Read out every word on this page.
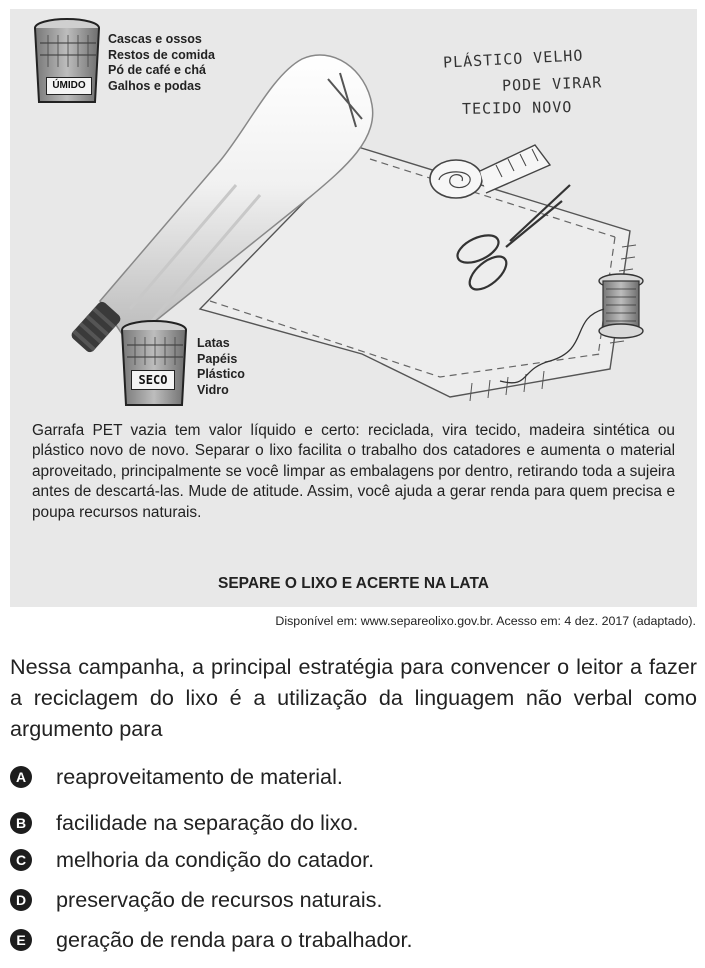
ÚMIDO
SECO
Cascas e ossos
Restos de comida
Pó de café e chá
Galhos e podas
Latas
Papéis
Plástico
Vidro
PLÁSTICO VELHO
PODE VIRAR
TECIDO NOVO
Garrafa PET vazia tem valor líquido e certo: reciclada, vira tecido, madeira sintética ou plástico novo de novo. Separar o lixo facilita o trabalho dos catadores e aumenta o material aproveitado, principalmente se você limpar as embalagens por dentro, retirando toda a sujeira antes de descartá-las. Mude de atitude. Assim, você ajuda a gerar renda para quem precisa e poupa recursos naturais.
SEPARE O LIXO E ACERTE NA LATA
Disponível em: www.separeolixo.gov.br. Acesso em: 4 dez. 2017 (adaptado).
Nessa campanha, a principal estratégia para convencer o leitor a fazer a reciclagem do lixo é a utilização da linguagem não verbal como argumento para
A reaproveitamento de material.
B facilidade na separação do lixo.
C melhoria da condição do catador.
D preservação de recursos naturais.
E geração de renda para o trabalhador.
